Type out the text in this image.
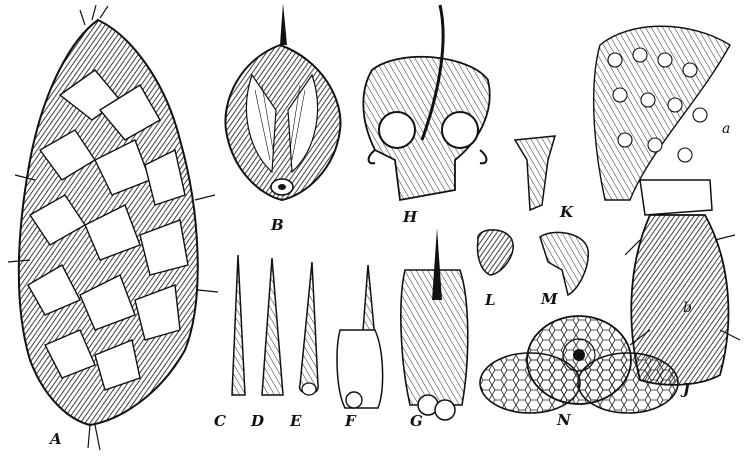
A
B	H	K
L	M
N
J
C D E	F	G
a
b
